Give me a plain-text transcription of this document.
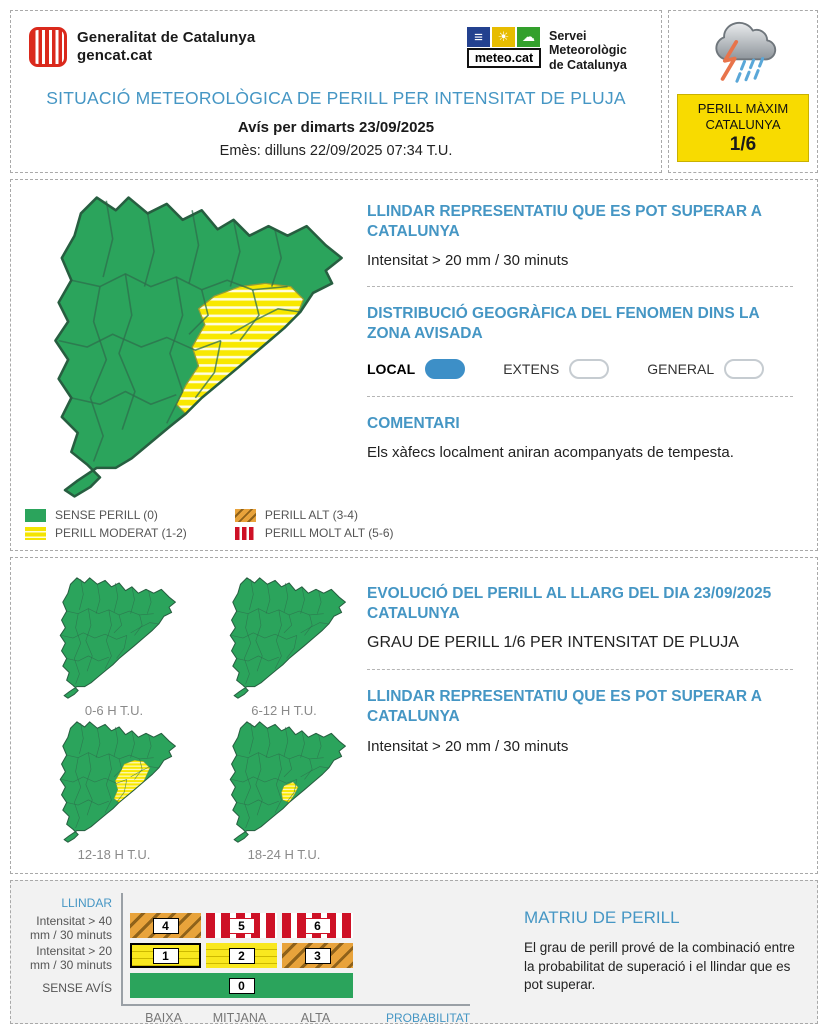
Generalitat de Catalunya
gencat.cat
≡	☀ ☁
meteo.cat
Servei Meteorològic de Catalunya
SITUACIÓ METEOROLÒGICA DE PERILL PER INTENSITAT DE PLUJA
Avís per dimarts 23/09/2025
Emès: dilluns 22/09/2025 07:34 T.U.
PERILL MÀXIM
CATALUNYA
1/6
LLINDAR REPRESENTATIU QUE ES POT SUPERAR A CATALUNYA
Intensitat > 20 mm / 30 minuts
DISTRIBUCIÓ GEOGRÀFICA DEL FENOMEN DINS LA ZONA AVISADA
LOCAL	EXTENS	GENERAL
COMENTARI
Els xàfecs localment aniran acompanyats de tempesta.
SENSE PERILL (0)
PERILL MODERAT (1-2)
PERILL ALT (3-4)
PERILL MOLT ALT (5-6)
0-6 H T.U.	6-12 H T.U.
12-18 H T.U.	18-24 H T.U.
EVOLUCIÓ DEL PERILL AL LLARG DEL DIA 23/09/2025 CATALUNYA
GRAU DE PERILL 1/6 PER INTENSITAT DE PLUJA
LLINDAR REPRESENTATIU QUE ES POT SUPERAR A CATALUNYA
Intensitat > 20 mm / 30 minuts
LLINDAR
Intensitat > 40 mm / 30 minuts
Intensitat > 20 mm / 30 minuts
SENSE AVÍS
4	5	6
1	2	3
0
BAIXA	MITJANA	ALTA	PROBABILITAT
MATRIU DE PERILL
El grau de perill prové de la combinació entre la probabilitat de superació i el llindar que es pot superar.
